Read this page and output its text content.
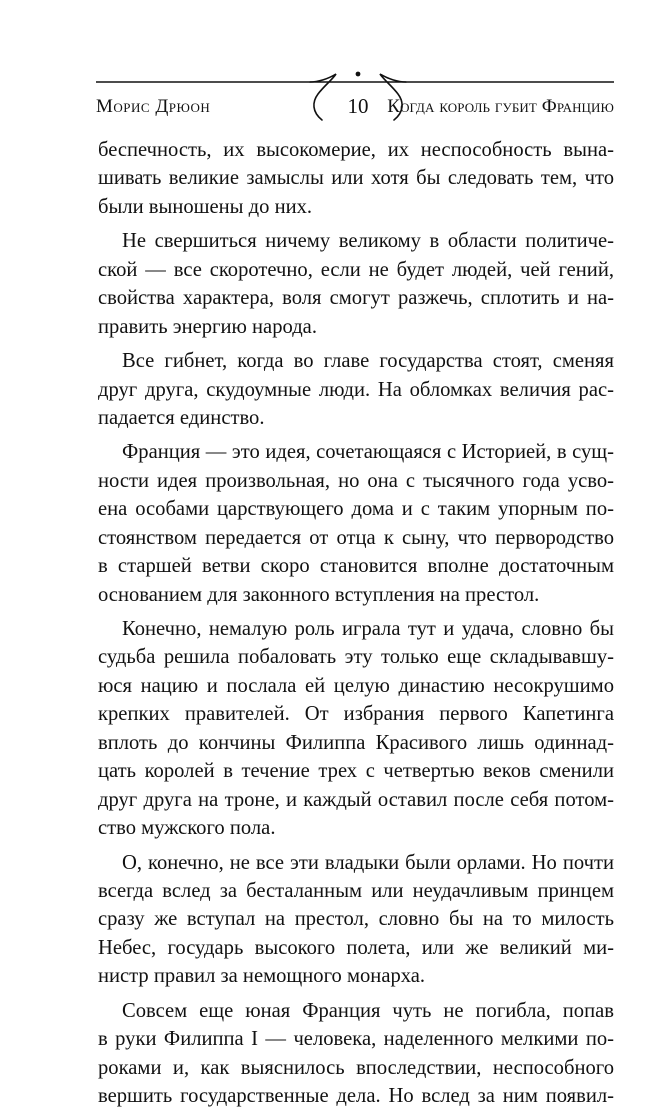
Морис Дрюон	10 Когда король губит Францию
беспечность, их высокомерие, их неспособность вына-
шивать великие замыслы или хотя бы следовать тем, что
были выношены до них.
Не свершиться ничему великому в области политиче-
ской — все скоротечно, если не будет людей, чей гений,
свойства характера, воля смогут разжечь, сплотить и на-
править энергию народа.
Все гибнет, когда во главе государства стоят, сменяя
друг друга, скудоумные люди. На обломках величия рас-
падается единство.
Франция — это идея, сочетающаяся с Историей, в сущ-
ности идея произвольная, но она с тысячного года усво-
ена особами царствующего дома и с таким упорным по-
стоянством передается от отца к сыну, что первородство
в старшей ветви скоро становится вполне достаточным
основанием для законного вступления на престол.
Конечно, немалую роль играла тут и удача, словно бы
судьба решила побаловать эту только еще складывавшу-
юся нацию и послала ей целую династию несокрушимо
крепких правителей. От избрания первого Капетинга
вплоть до кончины Филиппа Красивого лишь одиннад-
цать королей в течение трех с четвертью веков сменили
друг друга на троне, и каждый оставил после себя потом-
ство мужского пола.
О, конечно, не все эти владыки были орлами. Но почти
всегда вслед за бесталанным или неудачливым принцем
сразу же вступал на престол, словно бы на то милость
Небес, государь высокого полета, или же великий ми-
нистр правил за немощного монарха.
Совсем еще юная Франция чуть не погибла, попав
в руки Филиппа I — человека, наделенного мелкими по-
роками и, как выяснилось впоследствии, неспособного
вершить государственные дела. Но вслед за ним появил-
